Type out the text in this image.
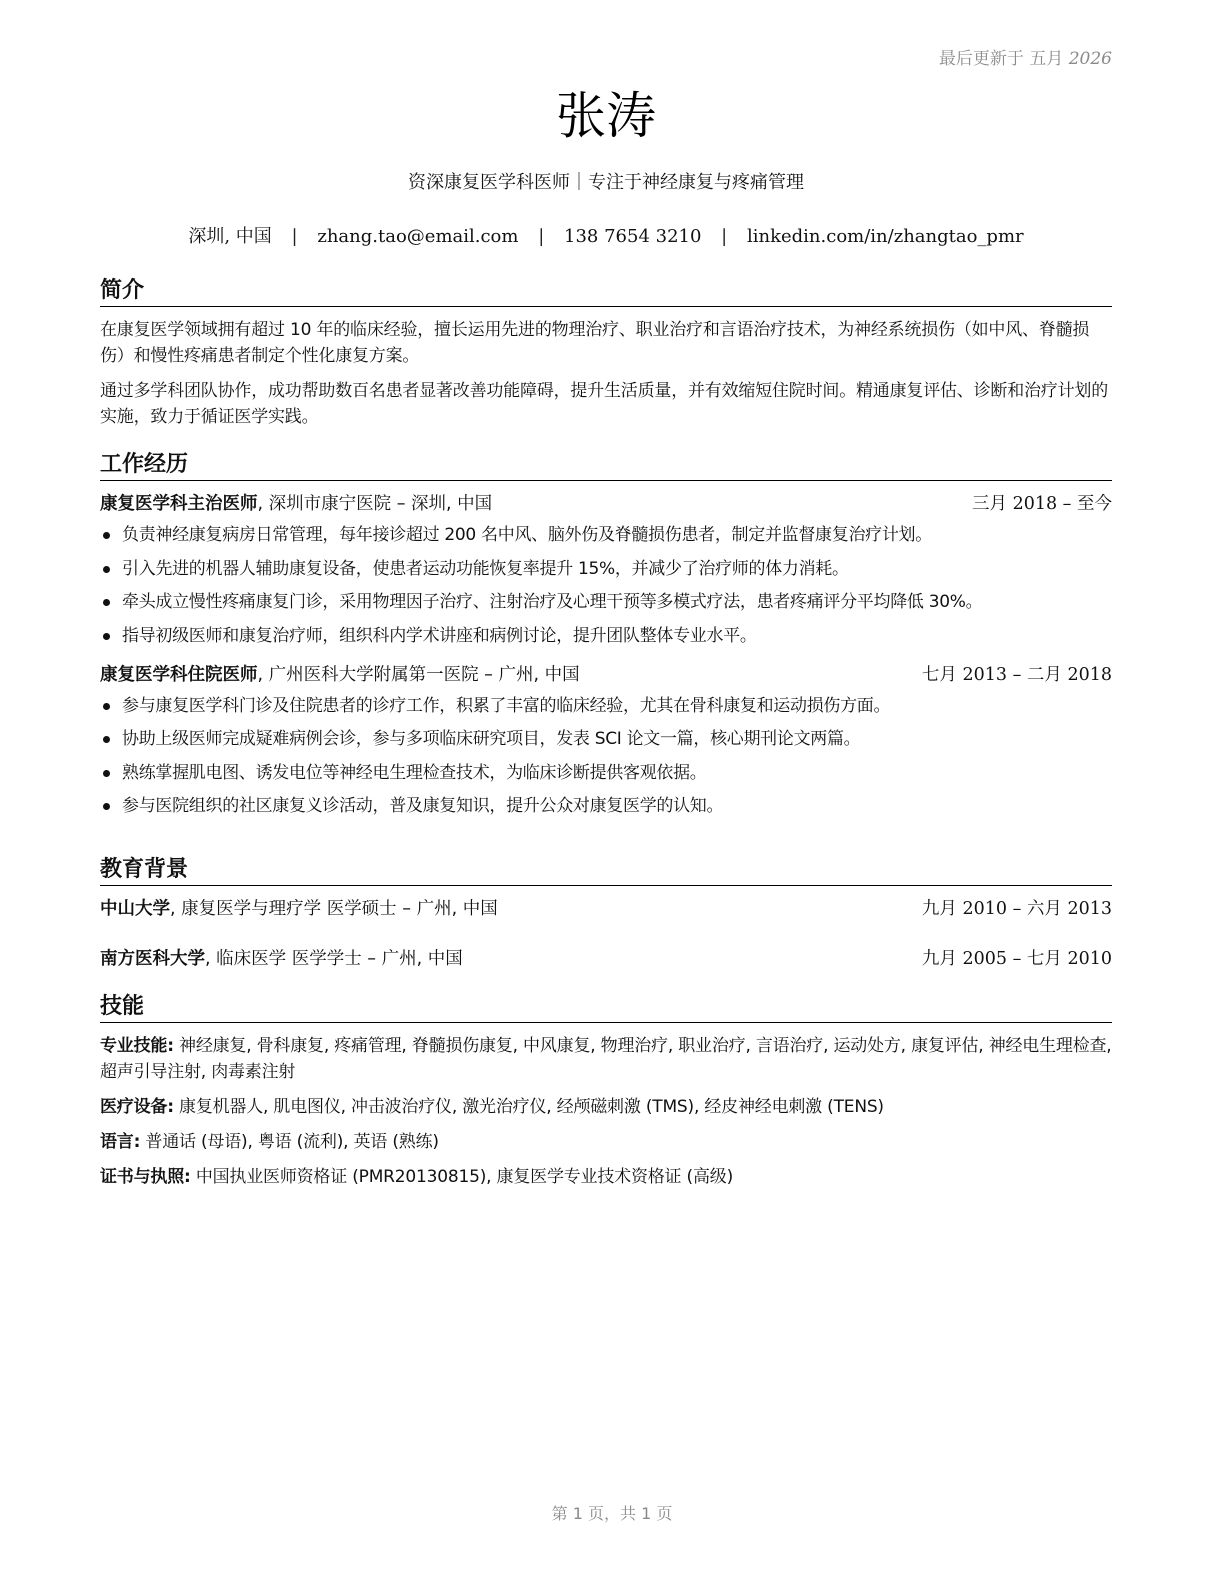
最后更新于 五月 2026
张涛
资深康复医学科医师｜专注于神经康复与疼痛管理
深圳, 中国 | zhang.tao@email.com | 138 7654 3210 | linkedin.com/in/zhangtao_pmr
简介

在康复医学领域拥有超过 10 年的临床经验，擅长运用先进的物理治疗、职业治疗和言语治疗技术，为神经系统损伤（如中风、脊髓损伤）和慢性疼痛患者制定个性化康复方案。

通过多学科团队协作，成功帮助数百名患者显著改善功能障碍，提升生活质量，并有效缩短住院时间。精通康复评估、诊断和治疗计划的实施，致力于循证医学实践。

工作经历
康复医学科主治医师, 深圳市康宁医院 – 深圳, 中国	三月 2018 – 至今
负责神经康复病房日常管理，每年接诊超过 200 名中风、脑外伤及脊髓损伤患者，制定并监督康复治疗计划。
引入先进的机器人辅助康复设备，使患者运动功能恢复率提升 15%，并减少了治疗师的体力消耗。
牵头成立慢性疼痛康复门诊，采用物理因子治疗、注射治疗及心理干预等多模式疗法，患者疼痛评分平均降低 30%。
指导初级医师和康复治疗师，组织科内学术讲座和病例讨论，提升团队整体专业水平。
康复医学科住院医师, 广州医科大学附属第一医院 – 广州, 中国	七月 2013 – 二月 2018
参与康复医学科门诊及住院患者的诊疗工作，积累了丰富的临床经验，尤其在骨科康复和运动损伤方面。
协助上级医师完成疑难病例会诊，参与多项临床研究项目，发表 SCI 论文一篇，核心期刊论文两篇。
熟练掌握肌电图、诱发电位等神经电生理检查技术，为临床诊断提供客观依据。
参与医院组织的社区康复义诊活动，普及康复知识，提升公众对康复医学的认知。
教育背景
中山大学, 康复医学与理疗学 医学硕士 – 广州, 中国	九月 2010 – 六月 2013
南方医科大学, 临床医学 医学学士 – 广州, 中国	九月 2005 – 七月 2010
技能

专业技能: 神经康复, 骨科康复, 疼痛管理, 脊髓损伤康复, 中风康复, 物理治疗, 职业治疗, 言语治疗, 运动处方, 康复评估, 神经电生理检查, 超声引导注射, 肉毒素注射

医疗设备: 康复机器人, 肌电图仪, 冲击波治疗仪, 激光治疗仪, 经颅磁刺激 (TMS), 经皮神经电刺激 (TENS)

语言: 普通话 (母语), 粤语 (流利), 英语 (熟练)

证书与执照: 中国执业医师资格证 (PMR20130815), 康复医学专业技术资格证 (高级)

第 1 页，共 1 页
